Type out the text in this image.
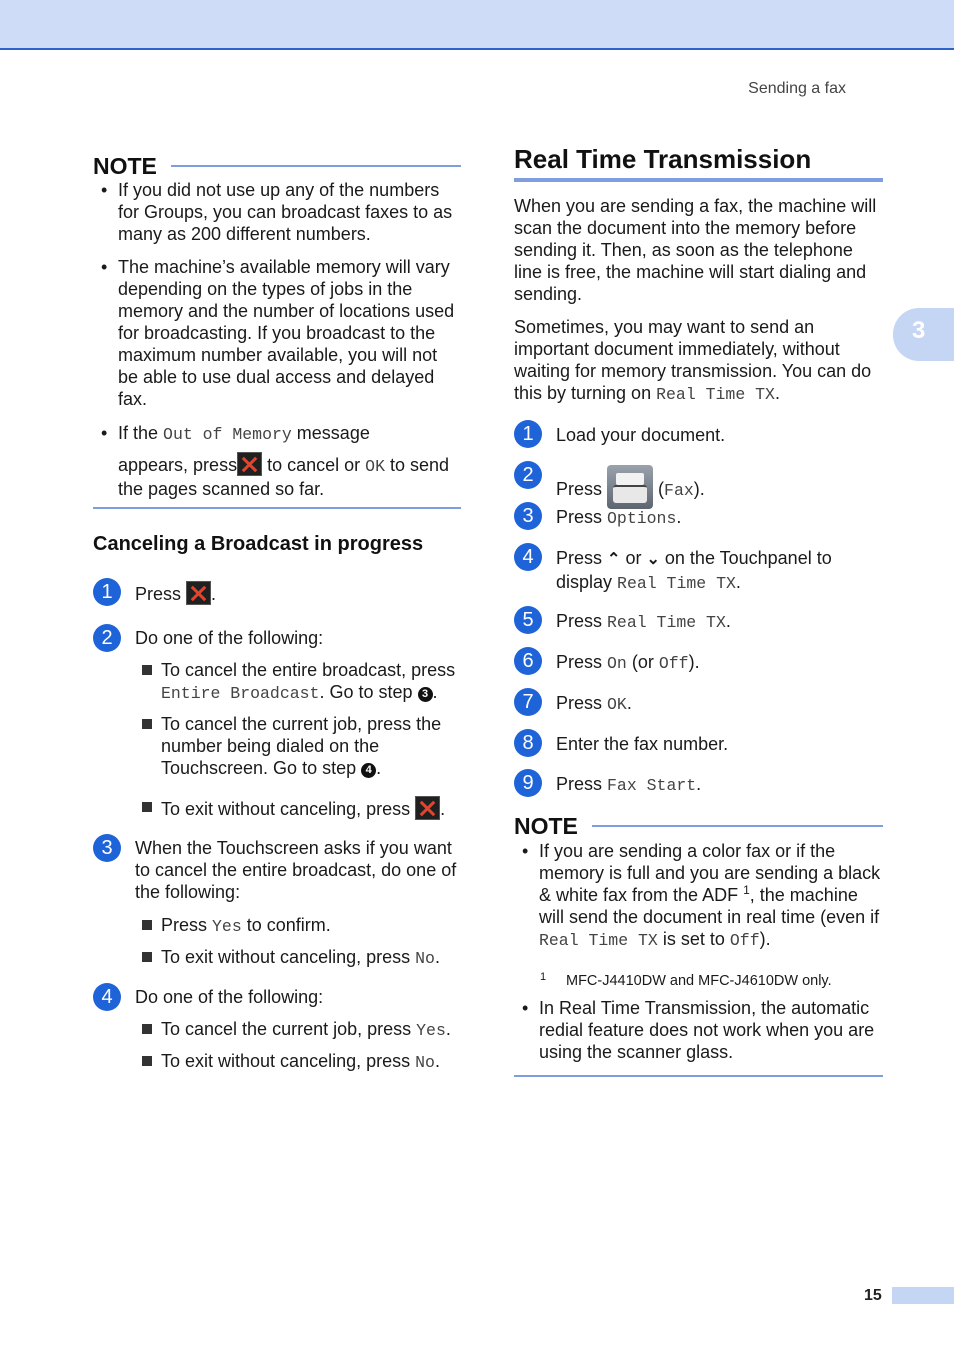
Sending a fax
3
NOTE
• If you did not use up any of the numbers for Groups, you can broadcast faxes to as many as 200 different numbers.
• The machine’s available memory will vary depending on the types of jobs in the memory and the number of locations used for broadcasting. If you broadcast to the maximum number available, you will not be able to use dual access and delayed fax.
• If the Out of Memory message
appears, press to cancel or OK to send
the pages scanned so far.
Canceling a Broadcast in progress
1	Press .
2	Do one of the following:
To cancel the entire broadcast, press
Entire Broadcast. Go to step 3 .
To cancel the current job, press the number being dialed on the Touchscreen. Go to step 4 .
To exit without canceling, press .
3	When the Touchscreen asks if you want to cancel the entire broadcast, do one of the following:
Press Yes to confirm.
To exit without canceling, press No.
4	Do one of the following:
To cancel the current job, press Yes.
To exit without canceling, press No.
Real Time Transmission
When you are sending a fax, the machine will scan the document into the memory before sending it. Then, as soon as the telephone line is free, the machine will start dialing and sending.
Sometimes, you may want to send an important document immediately, without waiting for memory transmission. You can do this by turning on Real Time TX.
1	Load your document.
2
Press	(Fax).
3	Press Options.
4	Press ⌃ or ⌄ on the Touchpanel to
display Real Time TX.
5	Press Real Time TX.
6	Press On (or Off).
7	Press OK.
8	Enter the fax number.
9	Press Fax Start.
NOTE
• If you are sending a color fax or if the memory is full and you are sending a black & white fax from the ADF $^1$, the machine will send the document in real time (even if Real Time TX is set to Off).
1 MFC-J4410DW and MFC-J4610DW only.
• In Real Time Transmission, the automatic redial feature does not work when you are using the scanner glass.
15
